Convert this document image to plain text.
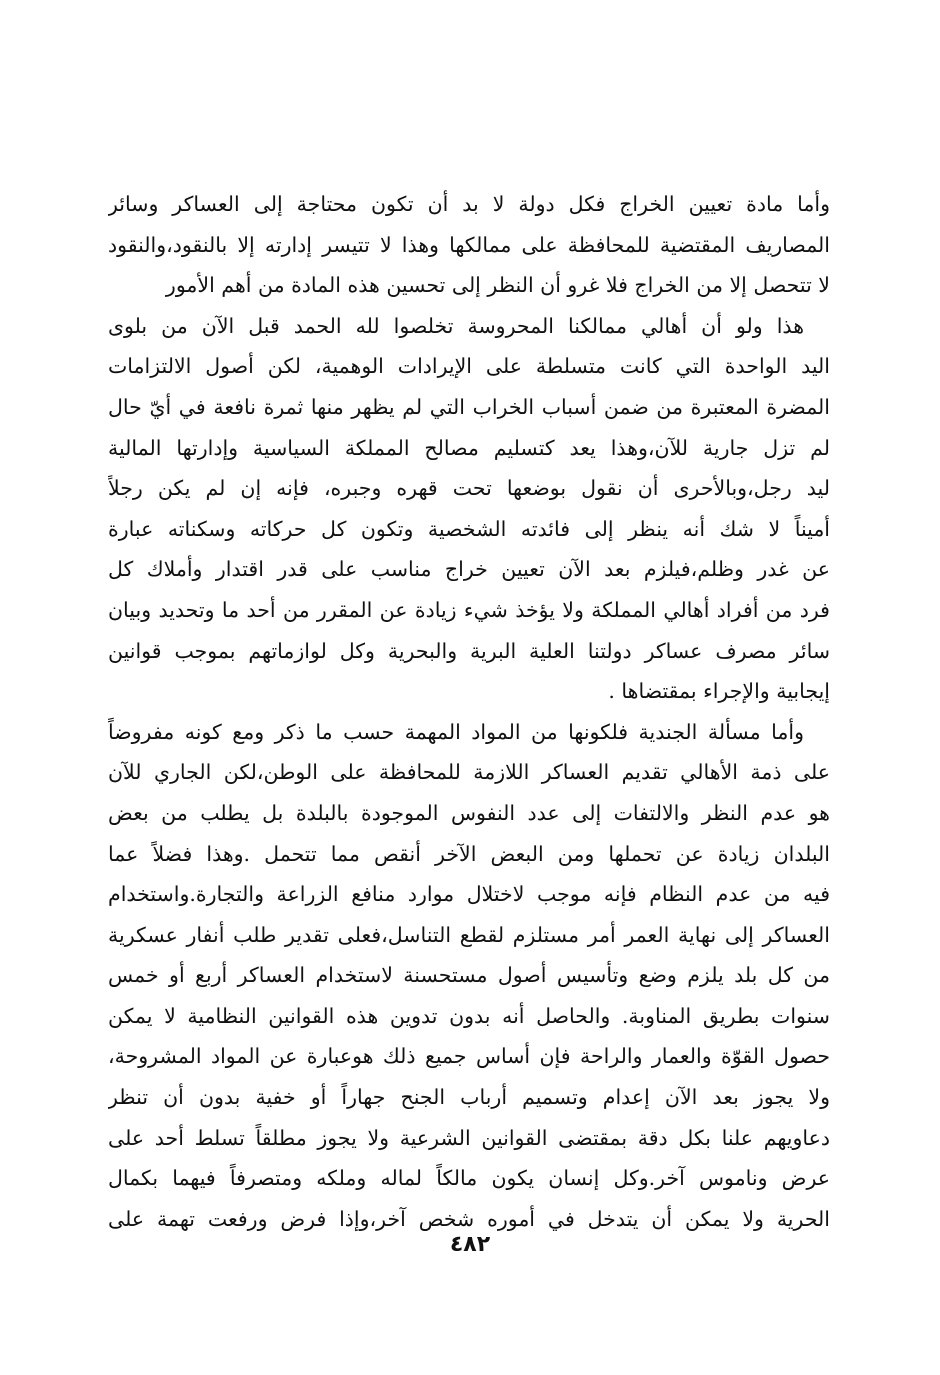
وأما مادة تعيين الخراج فكل دولة لا بد أن تكون محتاجة إلى العساكر وسائر
المصاريف المقتضية للمحافظة على ممالكها وهذا لا تتيسر إدارته إلا بالنقود،والنقود
لا تتحصل إلا من الخراج فلا غرو أن النظر إلى تحسين هذه المادة من أهم الأمور
هذا ولو أن أهالي ممالكنا المحروسة تخلصوا لله الحمد قبل الآن من بلوى
اليد الواحدة التي كانت متسلطة على الإيرادات الوهمية، لكن أصول الالتزامات
المضرة المعتبرة من ضمن أسباب الخراب التي لم يظهر منها ثمرة نافعة في أيّ حال
لم تزل جارية للآن،وهذا يعد كتسليم مصالح المملكة السياسية وإدارتها المالية
ليد رجل،وبالأحرى أن نقول بوضعها تحت قهره وجبره، فإنه إن لم يكن رجلاً
أميناً لا شك أنه ينظر إلى فائدته الشخصية وتكون كل حركاته وسكناته عبارة
عن غدر وظلم،فيلزم بعد الآن تعيين خراج مناسب على قدر اقتدار وأملاك كل
فرد من أفراد أهالي المملكة ولا يؤخذ شيء زيادة عن المقرر من أحد ما وتحديد وبيان
سائر مصرف عساكر دولتنا العلية البرية والبحرية وكل لوازماتهم بموجب قوانين
إيجابية والإجراء بمقتضاها .
وأما مسألة الجندية فلكونها من المواد المهمة حسب ما ذكر ومع كونه مفروضاً
على ذمة الأهالي تقديم العساكر اللازمة للمحافظة على الوطن،لكن الجاري للآن
هو عدم النظر والالتفات إلى عدد النفوس الموجودة بالبلدة بل يطلب من بعض
البلدان زيادة عن تحملها ومن البعض الآخر أنقص مما تتحمل .وهذا فضلاً عما
فيه من عدم النظام فإنه موجب لاختلال موارد منافع الزراعة والتجارة.واستخدام
العساكر إلى نهاية العمر أمر مستلزم لقطع التناسل،فعلى تقدير طلب أنفار عسكرية
من كل بلد يلزم وضع وتأسيس أصول مستحسنة لاستخدام العساكر أربع أو خمس
سنوات بطريق المناوبة. والحاصل أنه بدون تدوين هذه القوانين النظامية لا يمكن
حصول القوّة والعمار والراحة فإن أساس جميع ذلك هوعبارة عن المواد المشروحة،
ولا يجوز بعد الآن إعدام وتسميم أرباب الجنح جهاراً أو خفية بدون أن تنظر
دعاويهم علنا بكل دقة بمقتضى القوانين الشرعية ولا يجوز مطلقاً تسلط أحد على
عرض وناموس آخر.وكل إنسان يكون مالكاً لماله وملكه ومتصرفاً فيهما بكمال
الحرية ولا يمكن أن يتدخل في أموره شخص آخر،وإذا فرض ورفعت تهمة على
٤٨٢
